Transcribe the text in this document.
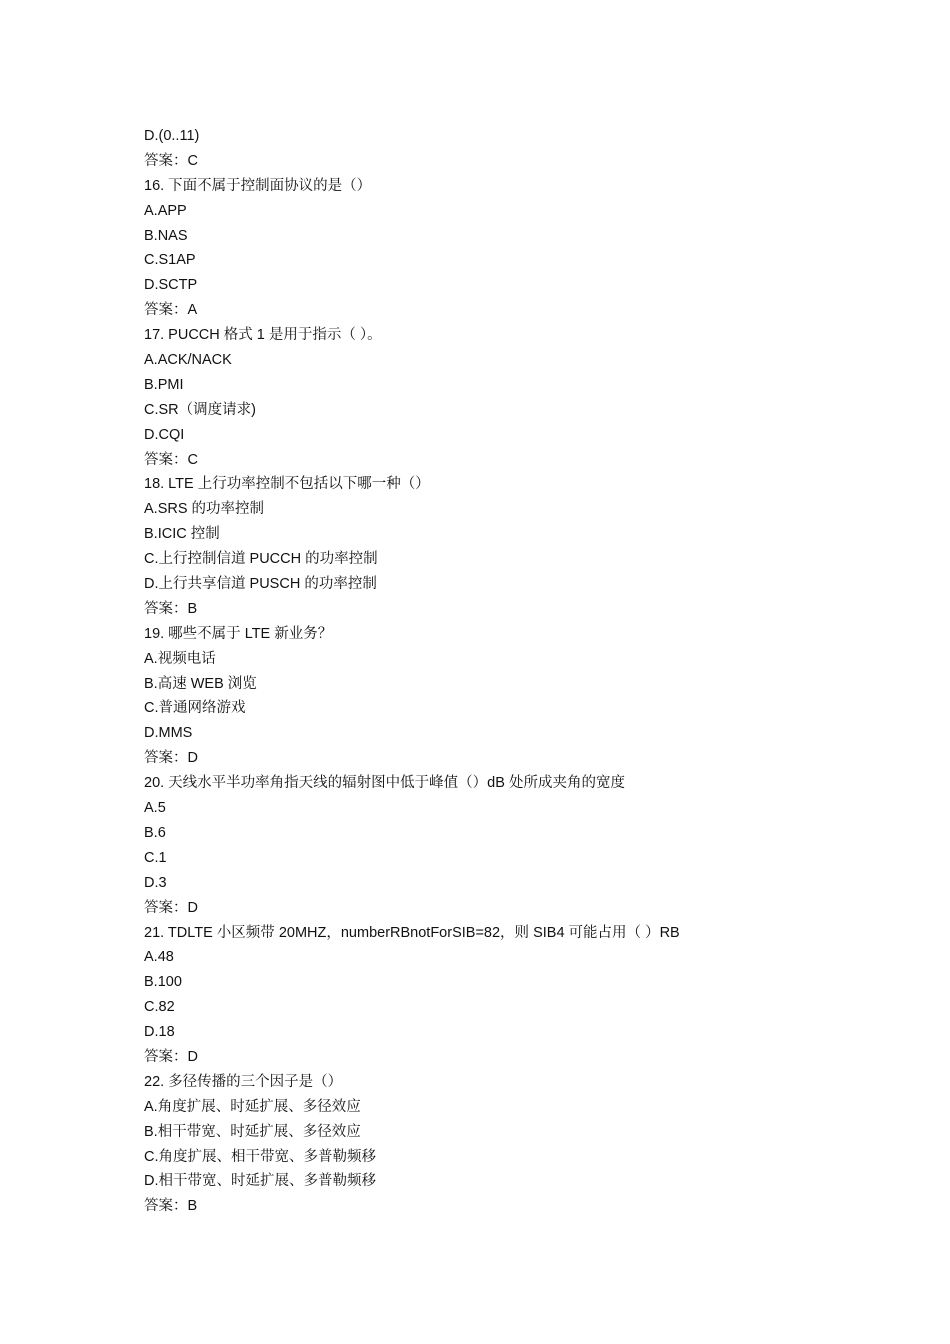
D.(0..11)
答案：C
16. 下面不属于控制面协议的是（）
A.APP
B.NAS
C.S1AP
D.SCTP
答案：A
17. PUCCH 格式 1 是用于指示（ ）。
A.ACK/NACK
B.PMI
C.SR（调度请求)
D.CQI
答案：C
18. LTE 上行功率控制不包括以下哪一种（）
A.SRS 的功率控制
B.ICIC 控制
C.上行控制信道 PUCCH 的功率控制
D.上行共享信道 PUSCH 的功率控制
答案：B
19. 哪些不属于 LTE 新业务？
A.视频电话
B.高速 WEB 浏览
C.普通网络游戏
D.MMS
答案：D
20. 天线水平半功率角指天线的辐射图中低于峰值（）dB 处所成夹角的宽度
A.5
B.6
C.1
D.3
答案：D
21. TDLTE 小区频带 20MHZ，numberRBnotForSIB=82，则 SIB4 可能占用（ ）RB
A.48
B.100
C.82
D.18
答案：D
22. 多径传播的三个因子是（）
A.角度扩展、时延扩展、多径效应
B.相干带宽、时延扩展、多径效应
C.角度扩展、相干带宽、多普勒频移
D.相干带宽、时延扩展、多普勒频移
答案：B
